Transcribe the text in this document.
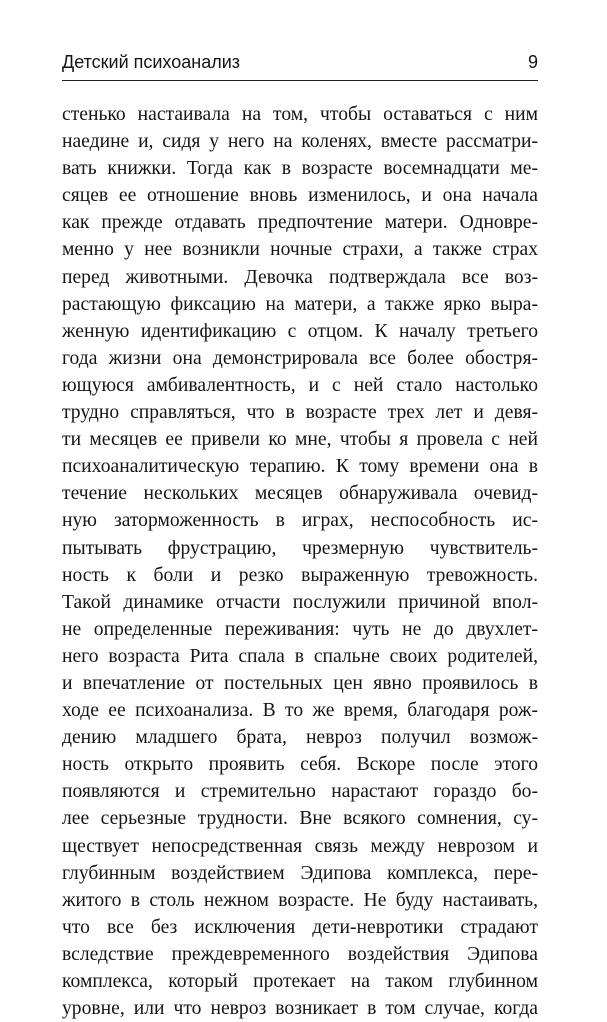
Детский психоанализ	9
стенько настаивала на том, чтобы оставаться с ним
наедине и, сидя у него на коленях, вместе рассматри-
вать книжки. Тогда как в возрасте восемнадцати ме-
сяцев ее отношение вновь изменилось, и она начала
как прежде отдавать предпочтение матери. Одновре-
менно у нее возникли ночные страхи, а также страх
перед животными. Девочка подтверждала все воз-
растающую фиксацию на матери, а также ярко выра-
женную идентификацию с отцом. К началу третьего
года жизни она демонстрировала все более обостря-
ющуюся амбивалентность, и с ней стало настолько
трудно справляться, что в возрасте трех лет и девя-
ти месяцев ее привели ко мне, чтобы я провела с ней
психоаналитическую терапию. К тому времени она в
течение нескольких месяцев обнаруживала очевид-
ную заторможенность в играх, неспособность ис-
пытывать фрустрацию, чрезмерную чувствитель-
ность к боли и резко выраженную тревожность.
Такой динамике отчасти послужили причиной впол-
не определенные переживания: чуть не до двухлет-
него возраста Рита спала в спальне своих родителей,
и впечатление от постельных цен явно проявилось в
ходе ее психоанализа. В то же время, благодаря рож-
дению младшего брата, невроз получил возмож-
ность открыто проявить себя. Вскоре после этого
появляются и стремительно нарастают гораздо бо-
лее серьезные трудности. Вне всякого сомнения, су-
ществует непосредственная связь между неврозом и
глубинным воздействием Эдипова комплекса, пере-
житого в столь нежном возрасте. Не буду настаивать,
что все без исключения дети-невротики страдают
вследствие преждевременного воздействия Эдипова
комплекса, который протекает на таком глубинном
уровне, или что невроз возникает в том случае, когда
